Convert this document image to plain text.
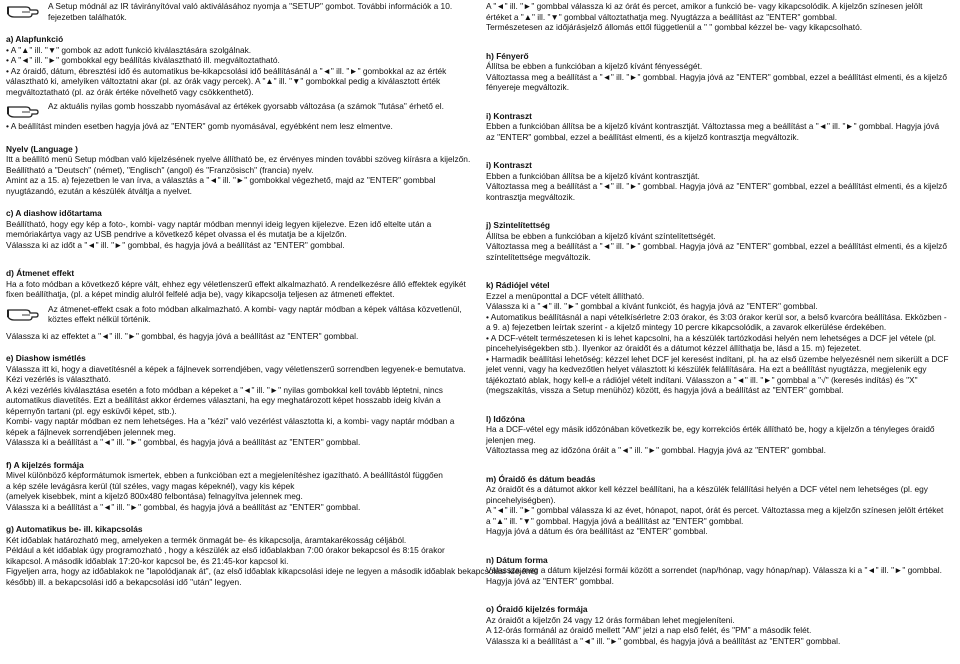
A Setup módnál az IR távirányítóval való aktiválásához nyomja a "SETUP" gombot. További információk a 10.
fejezetben találhatók.
a) Alapfunkció
• A "▲" ill. "▼" gombok az adott funkció kiválasztására szolgálnak.
• A "◄" ill. "►" gombokkal egy beállítás kiválasztható ill. megváltoztatható.
• Az óraidő, dátum, ébresztési idő és automatikus be-kikapcsolási idő beállításánál a "◄" ill. "►" gombokkal az az érték
választható ki, amelyiken változtatni akar (pl. az órák vagy percek). A "▲" ill. "▼" gombokkal pedig a kiválasztott érték
megváltoztatható (pl. az órák értéke növelhető vagy csökkenthető).
Az aktuális nyilas gomb hosszabb nyomásával az értékek gyorsabb változása (a számok "futása" érhető el.
• A beállítást minden esetben hagyja jóvá az "ENTER" gomb nyomásával, egyébként nem lesz elmentve.
Nyelv (Language )
Itt a beállító menü Setup módban való kijelzésének nyelve állítható be, ez érvényes minden további szöveg kiírásra a kijelzőn.
Beállítható a "Deutsch" (német), "Englisch" (angol) és "Französisch" (francia) nyelv.
Amint az a 15. a) fejezetben le van írva, a választás a "◄" ill. "►" gombokkal végezhető, majd az "ENTER" gombbal
nyugtázandó, ezután a készülék átváltja a nyelvet.
c) A diashow időtartama
Beállítható, hogy egy kép a foto-, kombi- vagy naptár módban mennyi ideig legyen kijelezve. Ezen idő eltelte után a
memóriakártya vagy az USB pendrive a következő képet olvassa el és mutatja be a kijelzőn.
Válassza ki az időt a "◄" ill. "►" gombbal, és hagyja jóvá a beállítást az "ENTER" gombbal.
d) Átmenet effekt
Ha a foto módban a következő képre vált, ehhez egy véletlenszerű effekt alkalmazható. A rendelkezésre álló effektek egyikét
fixen beállíthatja, (pl. a képet mindig alulról felfelé adja be), vagy kikapcsolja teljesen az átmeneti effektet.
Az átmenet-effekt csak a foto módban alkalmazható. A kombi- vagy naptár módban a képek váltása közvetlenül,
köztes effekt nélkül történik.
Válassza ki az effektet a "◄" ill. "►" gombbal, és hagyja jóvá a beállítást az "ENTER" gombbal.
e) Diashow ismétlés
Válassza itt ki, hogy a diavetítésnél a képek a fájlnevek sorrendjében, vagy véletlenszerű sorrendben legyenek-e bemutatva.
Kézi vezérlés is választható.
A kézi vezérlés kiválasztása esetén a foto módban a képeket a "◄" ill. "►" nyilas gombokkal kell tovább léptetni, nincs
automatikus diavetítés. Ezt a beállítást akkor érdemes választani, ha egy meghatározott képet hosszabb ideig kíván a
képernyőn tartani (pl. egy esküvői képet, stb.).
Kombi- vagy naptár módban ez nem lehetséges. Ha a "kézi" való vezérlést választotta ki, a kombi- vagy naptár módban a
képek a fájlnevek sorrendjében jelennek meg.
Válassza ki a beállítást a "◄" ill. "►" gombbal, és hagyja jóvá a beállítást az "ENTER" gombbal.
f) A kijelzés formája
Mivel különböző képformátumok ismertek, ebben a funkcióban ezt a megjelenítéshez igazítható. A beállítástól függően
a kép széle levágásra kerül (túl széles, vagy magas képeknél), vagy kis képek
(amelyek kisebbek, mint a kijelző 800x480 felbontása) felnagyítva jelennek meg.
Válassza ki a beállítást a "◄" ill. "►" gombbal, és hagyja jóvá a beállítást az "ENTER" gombbal.
g) Automatikus be- ill. kikapcsolás
Két időablak határozható meg, amelyeken a termék önmagát be- és kikapcsolja, áramtakarékosság céljából.
Például a két időablak úgy programozható , hogy a készülék az első időablakban 7:00 órakor bekapcsol és 8:15 órakor
kikapcsol. A második időablak 17:20-kor kapcsol be, és 21:45-kor kapcsol ki.
Figyeljen arra, hogy az időablakok ne "lapolódjanak át", (az első időablak kikapcsolási ideje ne legyen a második időablak bekapcsolási idejénél
később) ill. a bekapcsolási idő a bekapcsolási idő "után" legyen.
A "◄" ill. "►" gombbal válassza ki az órát és percet, amikor a funkció be- vagy kikapcsolódik. A kijelzőn színesen jelölt
értéket a "▲" ill. "▼" gombbal változtathatja meg. Nyugtázza a beállítást az "ENTER" gombbal.
Természetesen az időjárásjelző állomás ettől függetlenül a " " gombbal kézzel be- vagy kikapcsolható.
h) Fényerő
Állítsa be ebben a funkcióban a kijelző kívánt fényességét.
Változtassa meg a beállítást a "◄" ill. "►" gombbal. Hagyja jóvá az "ENTER" gombbal, ezzel a beállítást elmenti, és a kijelző
fényereje megváltozik.
i) Kontraszt
Ebben a funkcióban állítsa be a kijelző kívánt kontrasztját. Változtassa meg a beállítást a "◄" ill. "►" gombbal. Hagyja jóvá
az "ENTER" gombbal, ezzel a beállítást elmenti, és a kijelző kontrasztja megváltozik.
i) Kontraszt
Ebben a funkcióban állítsa be a kijelző kívánt kontrasztját.
Változtassa meg a beállítást a "◄" ill. "►" gombbal. Hagyja jóvá az "ENTER" gombbal, ezzel a beállítást elmenti, és a kijelző
kontrasztja megváltozik.
j) Szintelítettség
Állítsa be ebben a funkcióban a kijelző kívánt színtelítettségét.
Változtassa meg a beállítást a "◄" ill. "►" gombbal. Hagyja jóvá az "ENTER" gombbal, ezzel a beállítást elmenti, és a kijelző
színtelítettsége megváltozik.
k) Rádiójel vétel
Ezzel a menüponttal a DCF vételt állítható.
Válassza ki a "◄" ill. "►" gombbal a kívánt funkciót, és hagyja jóvá az "ENTER" gombbal.
• Automatikus beállításnál a napi vételkísérletre 2:03 órakor, és 3:03 órakor kerül sor, a belső kvarcóra beállítása. Ekközben -
a 9. a) fejezetben leírtak szerint - a kijelző mintegy 10 percre kikapcsolódik, a zavarok elkerülése érdekében.
• A DCF-vételt természetesen ki is lehet kapcsolni, ha a készülék tartózkodási helyén nem lehetséges a DCF jel vétele (pl.
pincehelyiségekben stb.). Ilyenkor az óraidőt és a dátumot kézzel állíthatja be, lásd a 15. m) fejezetet.
• Harmadik beállítási lehetőség: kézzel lehet DCF jel keresést indítani, pl. ha az első üzembe helyezésnél nem sikerült a DCF
jelet venni, vagy ha kedvezőtlen helyet választott ki készülék felállítására. Ha ezt a beállítást nyugtázza, megjelenik egy
tájékoztató ablak, hogy kell-e a rádiójel vételt indítani. Válasszon a "◄" ill. "►" gombbal a "√" (keresés indítás) és "X"
(megszakítás, vissza a Setup menühöz) között, és hagyja jóvá a beállítást az "ENTER" gombbal.
l) Időzóna
Ha a DCF-vétel egy másik időzónában következik be, egy korrekciós érték állítható be, hogy a kijelzőn a tényleges óraidő
jelenjen meg.
Változtassa meg az időzóna óráit a "◄" ill. "►" gombbal. Hagyja jóvá az "ENTER" gombbal.
m) Óraidő és dátum beadás
Az óraidőt és a dátumot akkor kell kézzel beállítani, ha a készülék felállítási helyén a DCF vétel nem lehetséges (pl. egy
pincehelyiségben).
A "◄" ill. "►" gombbal válassza ki az évet, hónapot, napot, órát és percet. Változtassa meg a kijelzőn színesen jelölt értéket
a "▲" ill. "▼" gombbal. Hagyja jóvá a beállítást az "ENTER" gombbal.
Hagyja jóvá a dátum és óra beállítást az "ENTER" gombbal.
n) Dátum forma
Válassza meg a dátum kijelzési formái között a sorrendet (nap/hónap, vagy hónap/nap). Válassza ki a "◄" ill. "►" gombbal.
Hagyja jóvá az "ENTER" gombbal.
o) Óraidő kijelzés formája
Az óraidőt a kijelzőn 24 vagy 12 órás formában lehet megjeleníteni.
A 12-órás formánál az óraidő mellett "AM" jelzi a nap első felét, és "PM" a második felét.
Válassza ki a beállítást a "◄" ill. "►" gombbal, és hagyja jóvá a beállítást az "ENTER" gombbal.
